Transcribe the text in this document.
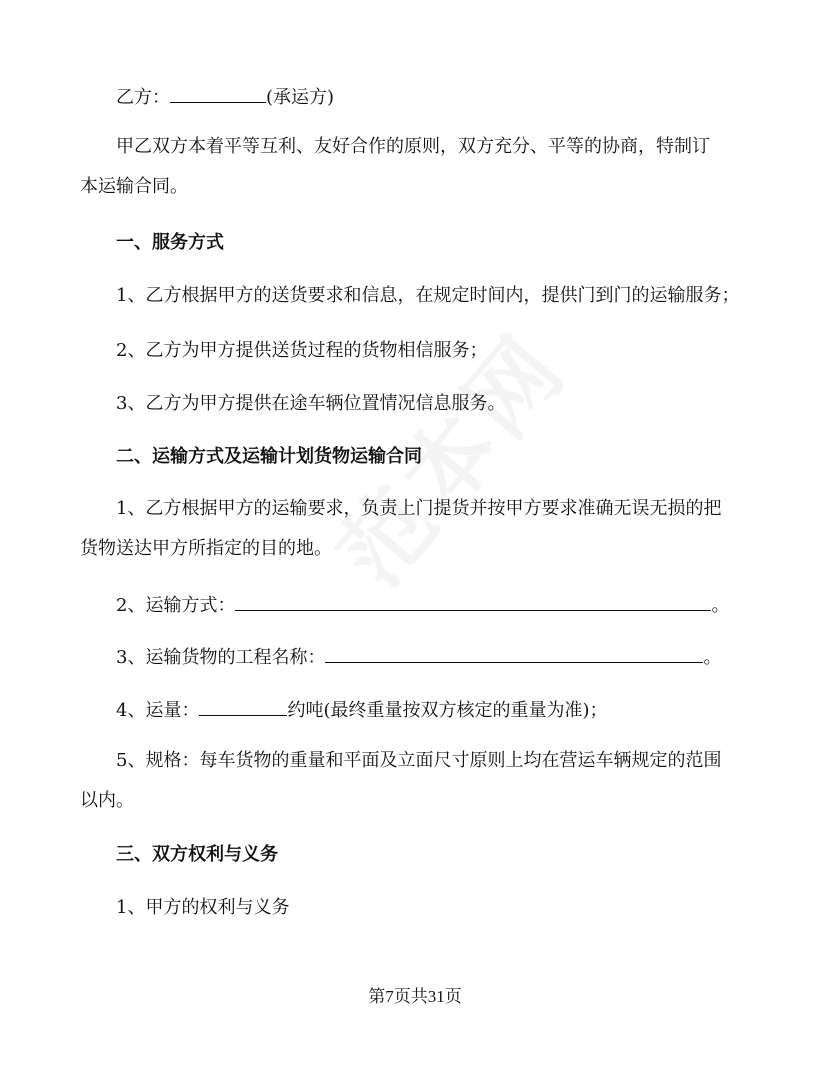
乙方：	(承运方)
甲乙双方本着平等互利、友好合作的原则，双方充分、平等的协商，特制订
本运输合同。
一、服务方式
1、乙方根据甲方的送货要求和信息，在规定时间内，提供门到门的运输服务；
2、乙方为甲方提供送货过程的货物相信服务；
3、乙方为甲方提供在途车辆位置情况信息服务。
二、运输方式及运输计划货物运输合同
1、乙方根据甲方的运输要求，负责上门提货并按甲方要求准确无误无损的把
货物送达甲方所指定的目的地。
2、运输方式：	。
3、运输货物的工程名称：	。
4、运量：	约吨(最终重量按双方核定的重量为准)；
5、规格：每车货物的重量和平面及立面尺寸原则上均在营运车辆规定的范围
以内。
三、双方权利与义务
1、甲方的权利与义务
第7页共31页
